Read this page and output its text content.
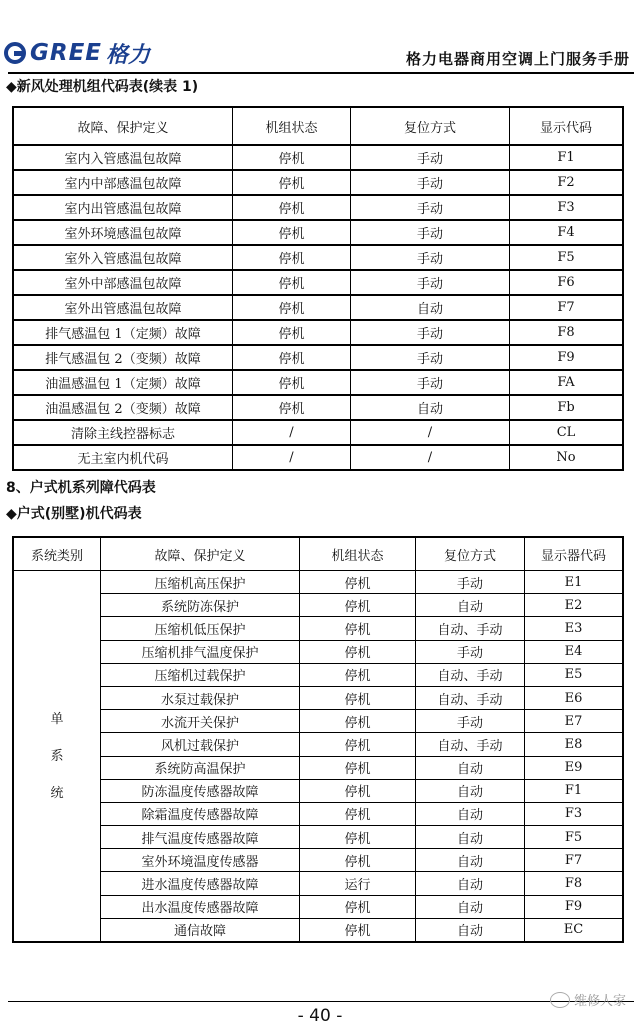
GREE 格力	格力电器商用空调上门服务手册
◆新风处理机组代码表(续表 1)
故障、保护定义	机组状态	复位方式	显示代码
室内入管感温包故障	停机	手动	F1
室内中部感温包故障	停机	手动	F2
室内出管感温包故障	停机	手动	F3
室外环境感温包故障	停机	手动	F4
室外入管感温包故障	停机	手动	F5
室外中部感温包故障	停机	手动	F6
室外出管感温包故障	停机	自动	F7
排气感温包 1（定频）故障	停机	手动	F8
排气感温包 2（变频）故障	停机	手动	F9
油温感温包 1（定频）故障	停机	手动	FA
油温感温包 2（变频）故障	停机	自动	Fb
清除主线控器标志	/	/	CL
无主室内机代码	/	/	No
8、户式机系列障代码表
◆户式(别墅)机代码表
系统类别	故障、保护定义	机组状态	复位方式	显示器代码

单
系
统	压缩机高压保护	停机	手动	E1
	系统防冻保护	停机	自动	E2
	压缩机低压保护	停机	自动、手动	E3
	压缩机排气温度保护	停机	手动	E4
	压缩机过载保护	停机	自动、手动	E5
	水泵过载保护	停机	自动、手动	E6
	水流开关保护	停机	手动	E7
	风机过载保护	停机	自动、手动	E8
	系统防高温保护	停机	自动	E9
	防冻温度传感器故障	停机	自动	F1
	除霜温度传感器故障	停机	自动	F3
	排气温度传感器故障	停机	自动	F5
	室外环境温度传感器	停机	自动	F7
	进水温度传感器故障	运行	自动	F8
	出水温度传感器故障	停机	自动	F9
	通信故障	停机	自动	EC
- 40 -
维修人家
